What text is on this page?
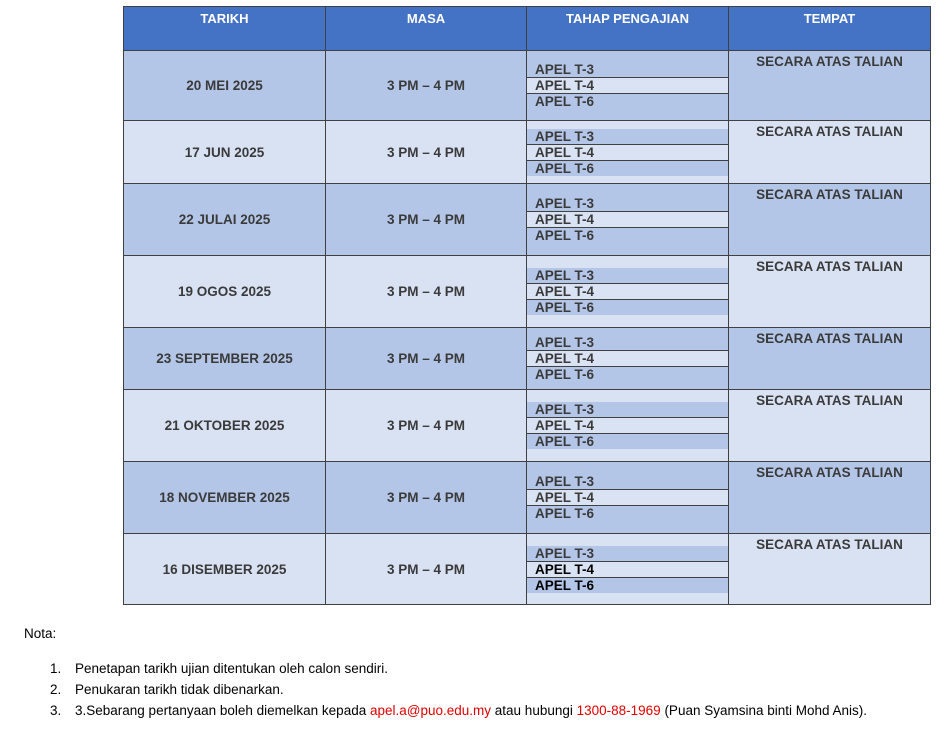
TARIKH	MASA	TAHAP PENGAJIAN	TEMPAT
20 MEI 2025	3 PM – 4 PM	APEL T-3
APEL T-4
APEL T-6	SECARA ATAS TALIAN
17 JUN 2025	3 PM – 4 PM	APEL T-3
APEL T-4
APEL T-6	SECARA ATAS TALIAN
22 JULAI 2025	3 PM – 4 PM	APEL T-3
APEL T-4
APEL T-6	SECARA ATAS TALIAN
19 OGOS 2025	3 PM – 4 PM	APEL T-3
APEL T-4
APEL T-6	SECARA ATAS TALIAN
23 SEPTEMBER 2025	3 PM – 4 PM	APEL T-3
APEL T-4
APEL T-6	SECARA ATAS TALIAN
21 OKTOBER 2025	3 PM – 4 PM	APEL T-3
APEL T-4
APEL T-6	SECARA ATAS TALIAN
18 NOVEMBER 2025	3 PM – 4 PM	APEL T-3
APEL T-4
APEL T-6	SECARA ATAS TALIAN
16 DISEMBER 2025	3 PM – 4 PM	APEL T-3
APEL T-4
APEL T-6	SECARA ATAS TALIAN
Nota:
1. Penetapan tarikh ujian ditentukan oleh calon sendiri.
2. Penukaran tarikh tidak dibenarkan.
3. 3.Sebarang pertanyaan boleh diemelkan kepada apel.a@puo.edu.my atau hubungi 1300-88-1969 (Puan Syamsina binti Mohd Anis).
